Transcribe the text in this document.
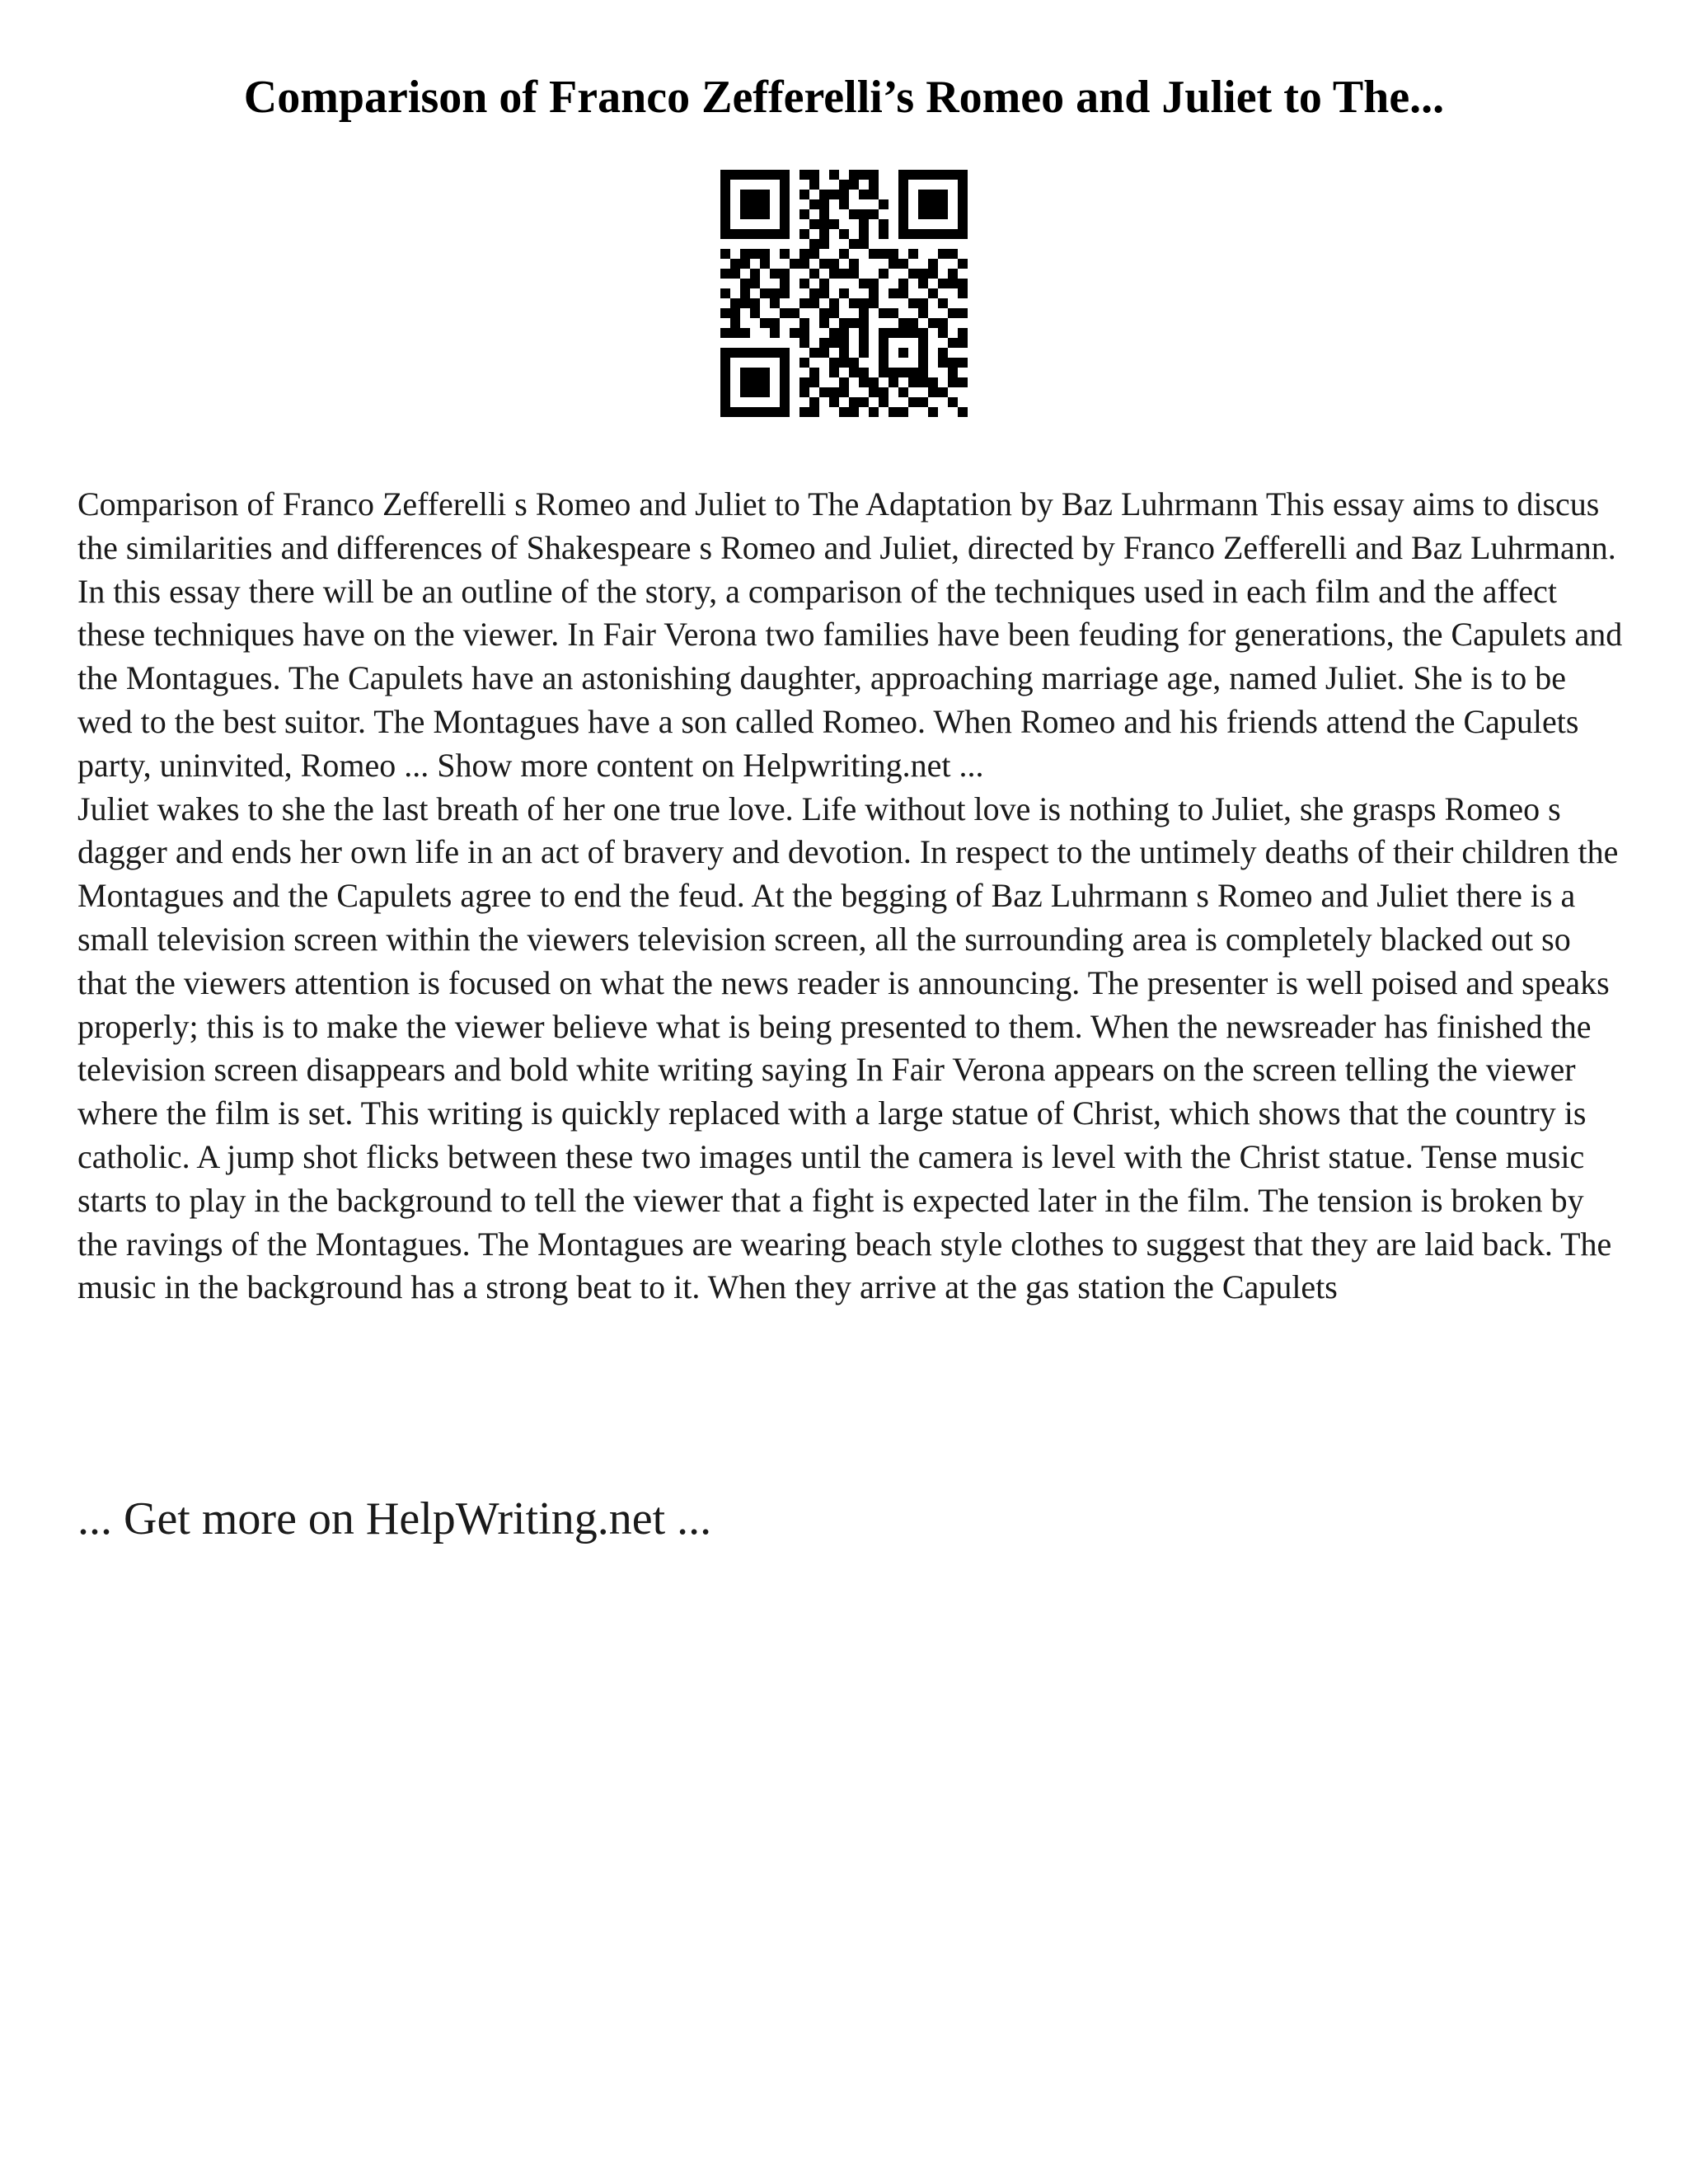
Comparison of Franco Zefferelli’s Romeo and Juliet to The...

Comparison of Franco Zefferelli s Romeo and Juliet to The Adaptation by Baz Luhrmann This essay aims to discus the similarities and differences of Shakespeare s Romeo and Juliet, directed by Franco Zefferelli and Baz Luhrmann. In this essay there will be an outline of the story, a comparison of the techniques used in each film and the affect these techniques have on the viewer. In Fair Verona two families have been feuding for generations, the Capulets and the Montagues. The Capulets have an astonishing daughter, approaching marriage age, named Juliet. She is to be wed to the best suitor. The Montagues have a son called Romeo. When Romeo and his friends attend the Capulets party, uninvited, Romeo ... Show more content on Helpwriting.net ...

Juliet wakes to she the last breath of her one true love. Life without love is nothing to Juliet, she grasps Romeo s dagger and ends her own life in an act of bravery and devotion. In respect to the untimely deaths of their children the Montagues and the Capulets agree to end the feud. At the begging of Baz Luhrmann s Romeo and Juliet there is a small television screen within the viewers television screen, all the surrounding area is completely blacked out so that the viewers attention is focused on what the news reader is announcing. The presenter is well poised and speaks properly; this is to make the viewer believe what is being presented to them. When the newsreader has finished the television screen disappears and bold white writing saying In Fair Verona appears on the screen telling the viewer where the film is set. This writing is quickly replaced with a large statue of Christ, which shows that the country is catholic. A jump shot flicks between these two images until the camera is level with the Christ statue. Tense music starts to play in the background to tell the viewer that a fight is expected later in the film. The tension is broken by the ravings of the Montagues. The Montagues are wearing beach style clothes to suggest that they are laid back. The music in the background has a strong beat to it. When they arrive at the gas station the Capulets

... Get more on HelpWriting.net ...
